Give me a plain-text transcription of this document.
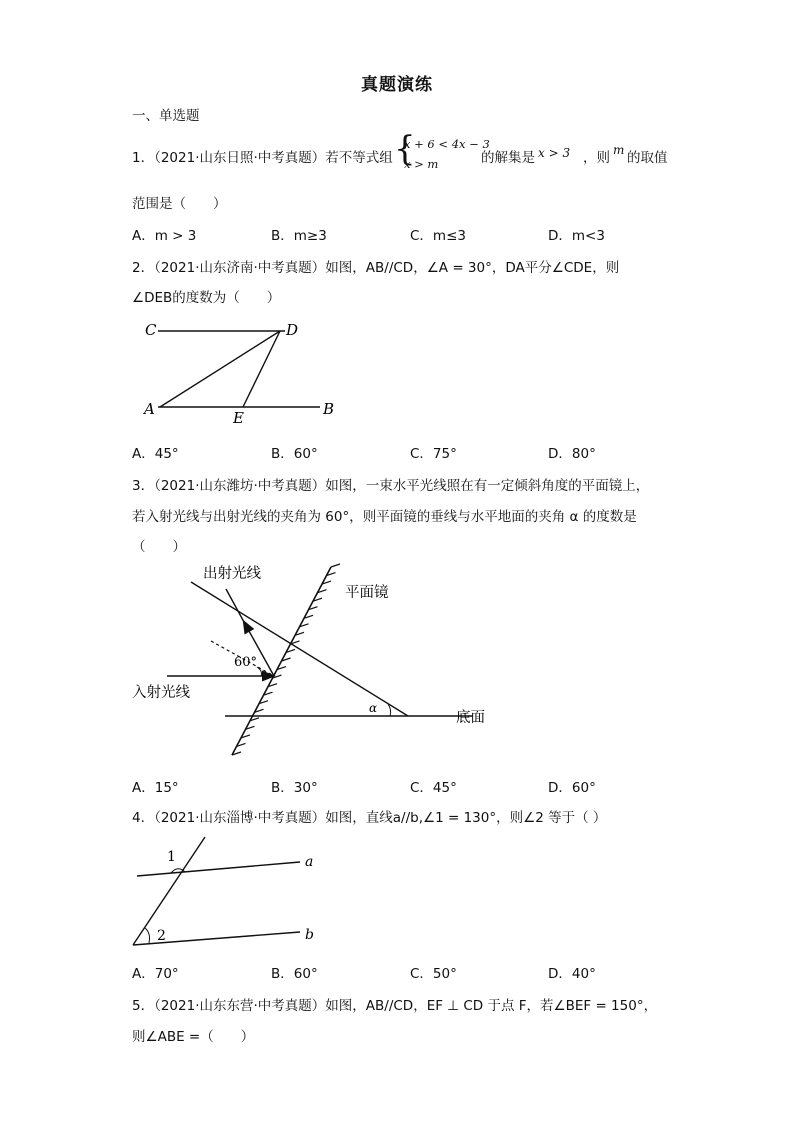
真题演练
一、单选题
1．（2021·山东日照·中考真题）若不等式组 {
x + 6 < 4x − 3
x > m	的解集是 x > 3 ，则 m 的取值
范围是（　　）
A．m > 3	B．m≥3	C．m≤3	D．m<3
2．（2021·山东济南·中考真题）如图，AB//CD，∠A = 30°，DA平分∠CDE，则
∠DEB的度数为（　　）
C	D
A	E	B
A．45°	B．60°	C．75°	D．80°
3．（2021·山东潍坊·中考真题）如图，一束水平光线照在有一定倾斜角度的平面镜上，
若入射光线与出射光线的夹角为 60°，则平面镜的垂线与水平地面的夹角 α 的度数是
（　　）
出射光线
平面镜
入射光线
底面
60°
α
A．15°	B．30°	C．45°	D．60°
4．（2021·山东淄博·中考真题）如图，直线a//b,∠1 = 130°，则∠2 等于（ ）
1
2
a
b
A．70°	B．60°	C．50°	D．40°
5．（2021·山东东营·中考真题）如图，AB//CD，EF ⊥ CD 于点 F，若∠BEF = 150°，
则∠ABE =（　　）
